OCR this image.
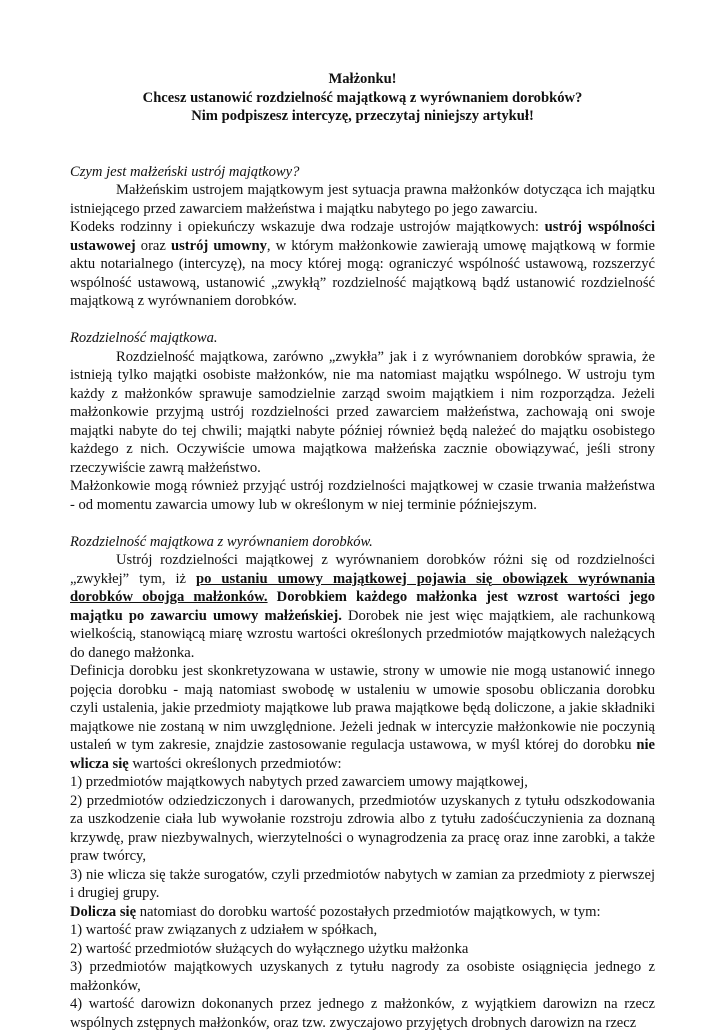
Małżonku!
Chcesz ustanowić rozdzielność majątkową z wyrównaniem dorobków?
Nim podpiszesz intercyzę, przeczytaj niniejszy artykuł!

Czym jest małżeński ustrój majątkowy?

Małżeńskim ustrojem majątkowym jest sytuacja prawna małżonków dotycząca ich majątku istniejącego przed zawarciem małżeństwa i majątku nabytego po jego zawarciu.

Kodeks rodzinny i opiekuńczy wskazuje dwa rodzaje ustrojów majątkowych: ustrój wspólności ustawowej oraz ustrój umowny, w którym małżonkowie zawierają umowę majątkową w formie aktu notarialnego (intercyzę), na mocy której mogą: ograniczyć wspólność ustawową, rozszerzyć wspólność ustawową, ustanowić „zwykłą” rozdzielność majątkową bądź ustanowić rozdzielność majątkową z wyrównaniem dorobków.

Rozdzielność majątkowa.

Rozdzielność majątkowa, zarówno „zwykła” jak i z wyrównaniem dorobków sprawia, że istnieją tylko majątki osobiste małżonków, nie ma natomiast majątku wspólnego. W ustroju tym każdy z małżonków sprawuje samodzielnie zarząd swoim majątkiem i nim rozporządza. Jeżeli małżonkowie przyjmą ustrój rozdzielności przed zawarciem małżeństwa, zachowają oni swoje majątki nabyte do tej chwili; majątki nabyte później również będą należeć do majątku osobistego każdego z nich. Oczywiście umowa majątkowa małżeńska zacznie obowiązywać, jeśli strony rzeczywiście zawrą małżeństwo.

Małżonkowie mogą również przyjąć ustrój rozdzielności majątkowej w czasie trwania małżeństwa - od momentu zawarcia umowy lub w określonym w niej terminie późniejszym.

Rozdzielność majątkowa z wyrównaniem dorobków.

Ustrój rozdzielności majątkowej z wyrównaniem dorobków różni się od rozdzielności „zwykłej” tym, iż po ustaniu umowy majątkowej pojawia się obowiązek wyrównania dorobków obojga małżonków. Dorobkiem każdego małżonka jest wzrost wartości jego majątku po zawarciu umowy małżeńskiej. Dorobek nie jest więc majątkiem, ale rachunkową wielkością, stanowiącą miarę wzrostu wartości określonych przedmiotów majątkowych należących do danego małżonka.

Definicja dorobku jest skonkretyzowana w ustawie, strony w umowie nie mogą ustanowić innego pojęcia dorobku - mają natomiast swobodę w ustaleniu w umowie sposobu obliczania dorobku czyli ustalenia, jakie przedmioty majątkowe lub prawa majątkowe będą doliczone, a jakie składniki majątkowe nie zostaną w nim uwzględnione. Jeżeli jednak w intercyzie małżonkowie nie poczynią ustaleń w tym zakresie, znajdzie zastosowanie regulacja ustawowa, w myśl której do dorobku nie wlicza się wartości określonych przedmiotów:

1) przedmiotów majątkowych nabytych przed zawarciem umowy majątkowej,

2) przedmiotów odziedziczonych i darowanych, przedmiotów uzyskanych z tytułu odszkodowania za uszkodzenie ciała lub wywołanie rozstroju zdrowia albo z tytułu zadośćuczynienia za doznaną krzywdę, praw niezbywalnych, wierzytelności o wynagrodzenia za pracę oraz inne zarobki, a także praw twórcy,

3) nie wlicza się także surogatów, czyli przedmiotów nabytych w zamian za przedmioty z pierwszej i drugiej grupy.

Dolicza się natomiast do dorobku wartość pozostałych przedmiotów majątkowych, w tym:

1) wartość praw związanych z udziałem w spółkach,

2) wartość przedmiotów służących do wyłącznego użytku małżonka

3) przedmiotów majątkowych uzyskanych z tytułu nagrody za osobiste osiągnięcia jednego z małżonków,

4) wartość darowizn dokonanych przez jednego z małżonków, z wyjątkiem darowizn na rzecz wspólnych zstępnych małżonków, oraz tzw. zwyczajowo przyjętych drobnych darowizn na rzecz
